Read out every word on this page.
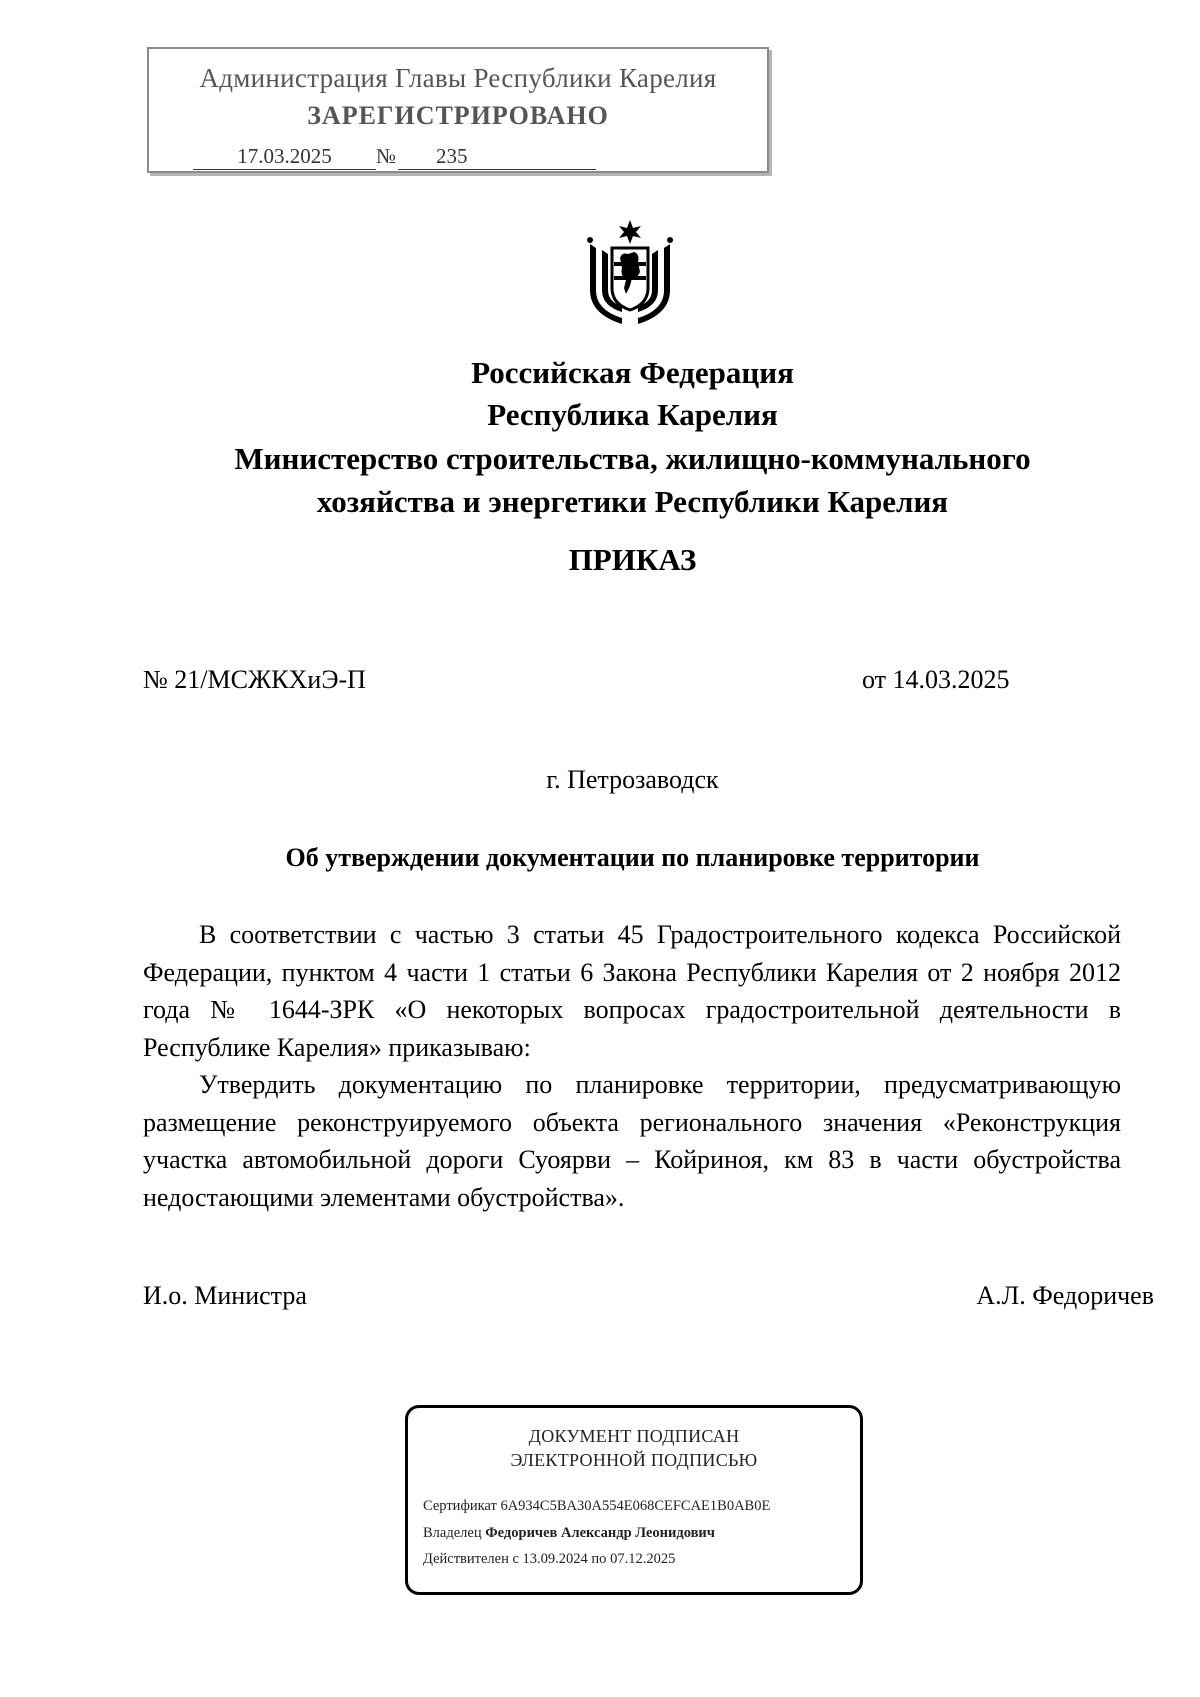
Администрация Главы Республики Карелия
ЗАРЕГИСТРИРОВАНО
17.03.2025 № 235
Российская Федерация
Республика Карелия
Министерство строительства, жилищно-коммунального
хозяйства и энергетики Республики Карелия
ПРИКАЗ
№ 21/МСЖКХиЭ-П	от 14.03.2025
г. Петрозаводск
Об утверждении документации по планировке территории

В соответствии с частью 3 статьи 45 Градостроительного кодекса Российской Федерации, пунктом 4 части 1 статьи 6 Закона Республики Карелия от 2 ноября 2012 года № 1644-ЗРК «О некоторых вопросах градостроительной деятельности в Республике Карелия» приказываю:

Утвердить документацию по планировке территории, предусматривающую размещение реконструируемого объекта регионального значения «Реконструкция участка автомобильной дороги Суоярви – Койриноя, км 83 в части обустройства недостающими элементами обустройства».

И.о. Министра	А.Л. Федоричев
ДОКУМЕНТ ПОДПИСАН
ЭЛЕКТРОННОЙ ПОДПИСЬЮ
Сертификат 6A934C5BA30A554E068CEFCAE1B0AB0E
Владелец Федоричев Александр Леонидович
Действителен с 13.09.2024 по 07.12.2025
